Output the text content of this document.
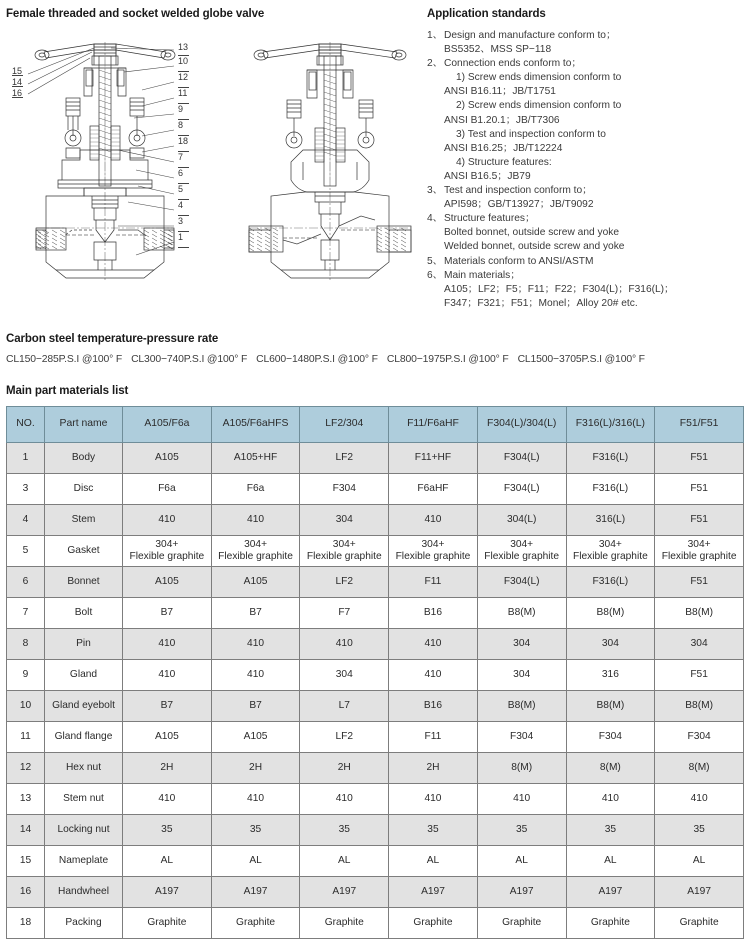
Female threaded and socket welded globe valve
15
14
16
13
10
12
11
9
8
18
7
6
5
4
3
1
Application standards
1、 Design and manufacture conform to；
BS5352、MSS SP−118
2、 Connection ends conform to；
1) Screw ends dimension conform to
ANSI B16.11；JB/T1751
2) Screw ends dimension conform to
ANSI B1.20.1；JB/T7306
3) Test and inspection conform to
ANSI B16.25；JB/T12224
4) Structure features:
ANSI B16.5；JB79
3、 Test and inspection conform to；
API598；GB/T13927；JB/T9092
4、 Structure features；
Bolted bonnet, outside screw and yoke
Welded bonnet, outside screw and yoke
5、 Materials conform to ANSI/ASTM
6、 Main materials；
A105；LF2；F5；F11；F22；F304(L)；F316(L)；
F347；F321；F51；Monel；Alloy 20# etc.
Carbon steel temperature-pressure rate
CL150−285P.S.I @100° F CL300−740P.S.I @100° F CL600−1480P.S.I @100° F CL800−1975P.S.I @100° F CL1500−3705P.S.I @100° F
Main part materials list
NO.	Part name	A105/F6a	A105/F6aHFS	LF2/304	F11/F6aHF	F304(L)/304(L)	F316(L)/316(L)	F51/F51
1	Body	A105	A105+HF	LF2	F11+HF	F304(L)	F316(L)	F51
3	Disc	F6a	F6a	F304	F6aHF	F304(L)	F316(L)	F51
4	Stem	410	410	304	410	304(L)	316(L)	F51
5	Gasket	304+
Flexible graphite	304+
Flexible graphite	304+
Flexible graphite	304+
Flexible graphite	304+
Flexible graphite	304+
Flexible graphite	304+
Flexible graphite

6	Bonnet	A105	A105	LF2	F11	F304(L)	F316(L)	F51
7	Bolt	B7	B7	F7	B16	B8(M)	B8(M)	B8(M)
8	Pin	410	410	410	410	304	304	304
9	Gland	410	410	304	410	304	316	F51
10	Gland eyebolt	B7	B7	L7	B16	B8(M)	B8(M)	B8(M)
11	Gland flange	A105	A105	LF2	F11	F304	F304	F304
12	Hex nut	2H	2H	2H	2H	8(M)	8(M)	8(M)
13	Stem nut	410	410	410	410	410	410	410
14	Locking nut	35	35	35	35	35	35	35
15	Nameplate	AL	AL	AL	AL	AL	AL	AL
16	Handwheel	A197	A197	A197	A197	A197	A197	A197
18	Packing	Graphite	Graphite	Graphite	Graphite	Graphite	Graphite	Graphite
